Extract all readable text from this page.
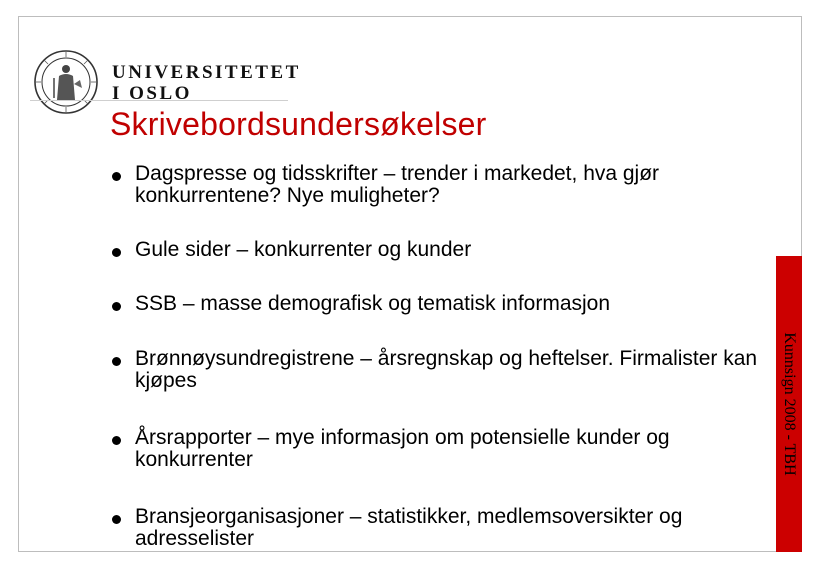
UNIVERSITETET
I OSLO
Skrivebordsundersøkelser
Dagspresse og tidsskrifter – trender i markedet, hva gjør konkurrentene? Nye muligheter?
Gule sider – konkurrenter og kunder
SSB – masse demografisk og tematisk informasjon
Brønnøysundregistrene – årsregnskap og heftelser. Firmalister kan kjøpes
Årsrapporter – mye informasjon om potensielle kunder og konkurrenter
Bransjeorganisasjoner – statistikker, medlemsoversikter og adresselister
Kunnsign 2008 - TBH
